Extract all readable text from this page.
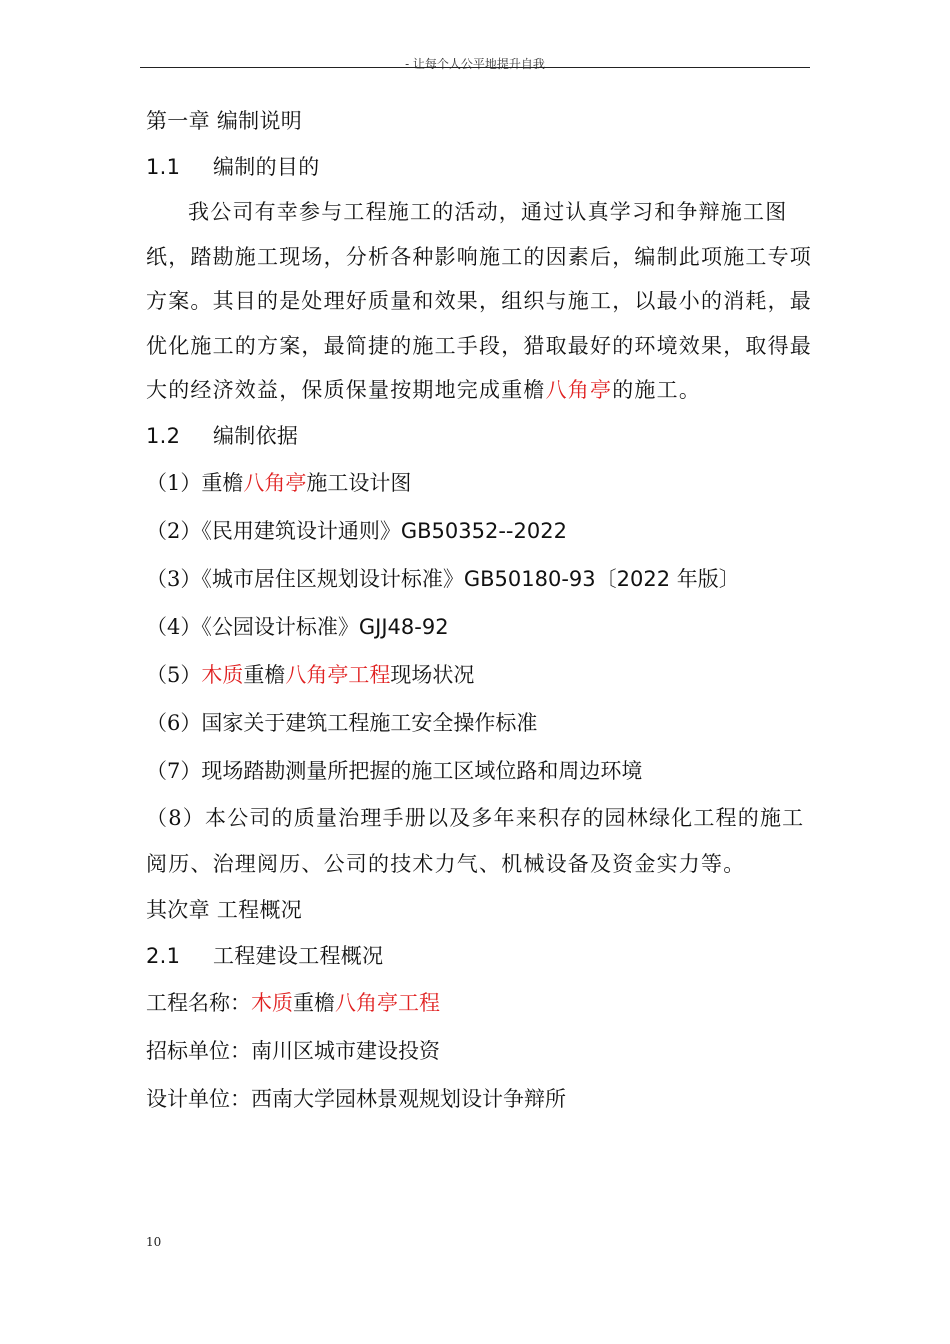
- 让每个人公平地提升自我
第一章 编制说明
1.1 编制的目的

我公司有幸参与工程施工的活动，通过认真学习和争辩施工图纸，踏勘施工现场，分析各种影响施工的因素后，编制此项施工专项方案。其目的是处理好质量和效果，组织与施工，以最小的消耗，最优化施工的方案，最简捷的施工手段，猎取最好的环境效果，取得最大的经济效益，保质保量按期地完成重檐八角亭的施工。

1.2 编制依据
（1）重檐八角亭施工设计图
（2）《民用建筑设计通则》GB50352--2022
（3）《城市居住区规划设计标准》GB50180-93〔2022 年版〕
（4）《公园设计标准》GJJ48-92
（5）木质重檐八角亭工程现场状况
（6）国家关于建筑工程施工安全操作标准
（7）现场踏勘测量所把握的施工区域位路和周边环境

（8）本公司的质量治理手册以及多年来积存的园林绿化工程的施工阅历、治理阅历、公司的技术力气、机械设备及资金实力等。

其次章 工程概况
2.1 工程建设工程概况
工程名称：木质重檐八角亭工程
招标单位：南川区城市建设投资
设计单位：西南大学园林景观规划设计争辩所
10
